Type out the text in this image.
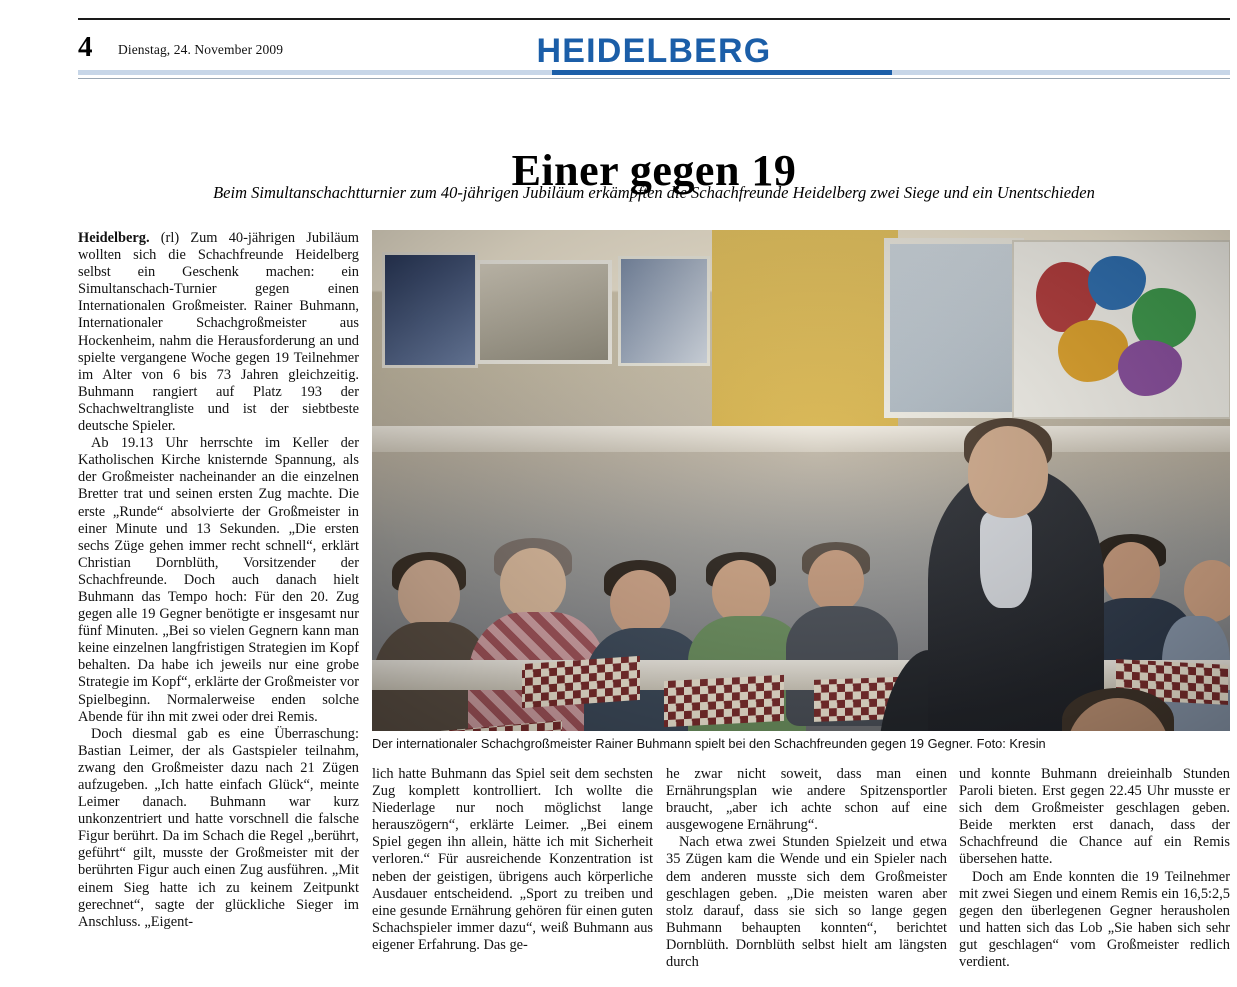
4 Dienstag, 24. November 2009	HEIDELBERG
Einer gegen 19
Beim Simultanschachtturnier zum 40-jährigen Jubiläum erkämpften die Schachfreunde Heidelberg zwei Siege und ein Unentschieden
Der internationaler Schachgroßmeister Rainer Buhmann spielt bei den Schachfreunden gegen 19 Gegner. Foto: Kresin

Heidelberg. (rl) Zum 40-jährigen Jubiläum wollten sich die Schachfreunde Heidelberg selbst ein Geschenk machen: ein Simultanschach-Turnier gegen einen Internationalen Großmeister. Rainer Buhmann, Internationaler Schachgroßmeister aus Hockenheim, nahm die Herausforderung an und spielte vergangene Woche gegen 19 Teilnehmer im Alter von 6 bis 73 Jahren gleichzeitig. Buhmann rangiert auf Platz 193 der Schachweltrangliste und ist der siebtbeste deutsche Spieler.

Ab 19.13 Uhr herrschte im Keller der Katholischen Kirche knisternde Spannung, als der Großmeister nacheinander an die einzelnen Bretter trat und seinen ersten Zug machte. Die erste „Runde“ absolvierte der Großmeister in einer Minute und 13 Sekunden. „Die ersten sechs Züge gehen immer recht schnell“, erklärt Christian Dornblüth, Vorsitzender der Schachfreunde. Doch auch danach hielt Buhmann das Tempo hoch: Für den 20. Zug gegen alle 19 Gegner benötigte er insgesamt nur fünf Minuten. „Bei so vielen Gegnern kann man keine einzelnen langfristigen Strategien im Kopf behalten. Da habe ich jeweils nur eine grobe Strategie im Kopf“, erklärte der Großmeister vor Spielbeginn. Normalerweise enden solche Abende für ihn mit zwei oder drei Remis.

Doch diesmal gab es eine Überraschung: Bastian Leimer, der als Gastspieler teilnahm, zwang den Großmeister dazu nach 21 Zügen aufzugeben. „Ich hatte einfach Glück“, meinte Leimer danach. Buhmann war kurz unkonzentriert und hatte vorschnell die falsche Figur berührt. Da im Schach die Regel „berührt, geführt“ gilt, musste der Großmeister mit der berührten Figur auch einen Zug ausführen. „Mit einem Sieg hatte ich zu keinem Zeitpunkt gerechnet“, sagte der glückliche Sieger im Anschluss. „Eigent-

lich hatte Buhmann das Spiel seit dem sechsten Zug komplett kontrolliert. Ich wollte die Niederlage nur noch möglichst lange herauszögern“, erklärte Leimer. „Bei einem Spiel gegen ihn allein, hätte ich mit Sicherheit verloren.“ Für ausreichende Konzentration ist neben der geistigen, übrigens auch körperliche Ausdauer entscheidend. „Sport zu treiben und eine gesunde Ernährung gehören für einen guten Schachspieler immer dazu“, weiß Buhmann aus eigener Erfahrung. Das ge-

he zwar nicht soweit, dass man einen Ernährungsplan wie andere Spitzensportler braucht, „aber ich achte schon auf eine ausgewogene Ernährung“.

Nach etwa zwei Stunden Spielzeit und etwa 35 Zügen kam die Wende und ein Spieler nach dem anderen musste sich dem Großmeister geschlagen geben. „Die meisten waren aber stolz darauf, dass sie sich so lange gegen Buhmann behaupten konnten“, berichtet Dornblüth. Dornblüth selbst hielt am längsten durch

und konnte Buhmann dreieinhalb Stunden Paroli bieten. Erst gegen 22.45 Uhr musste er sich dem Großmeister geschlagen geben. Beide merkten erst danach, dass der Schachfreund die Chance auf ein Remis übersehen hatte.

Doch am Ende konnten die 19 Teilnehmer mit zwei Siegen und einem Remis ein 16,5:2,5 gegen den überlegenen Gegner herausholen und hatten sich das Lob „Sie haben sich sehr gut geschlagen“ vom Großmeister redlich verdient.
